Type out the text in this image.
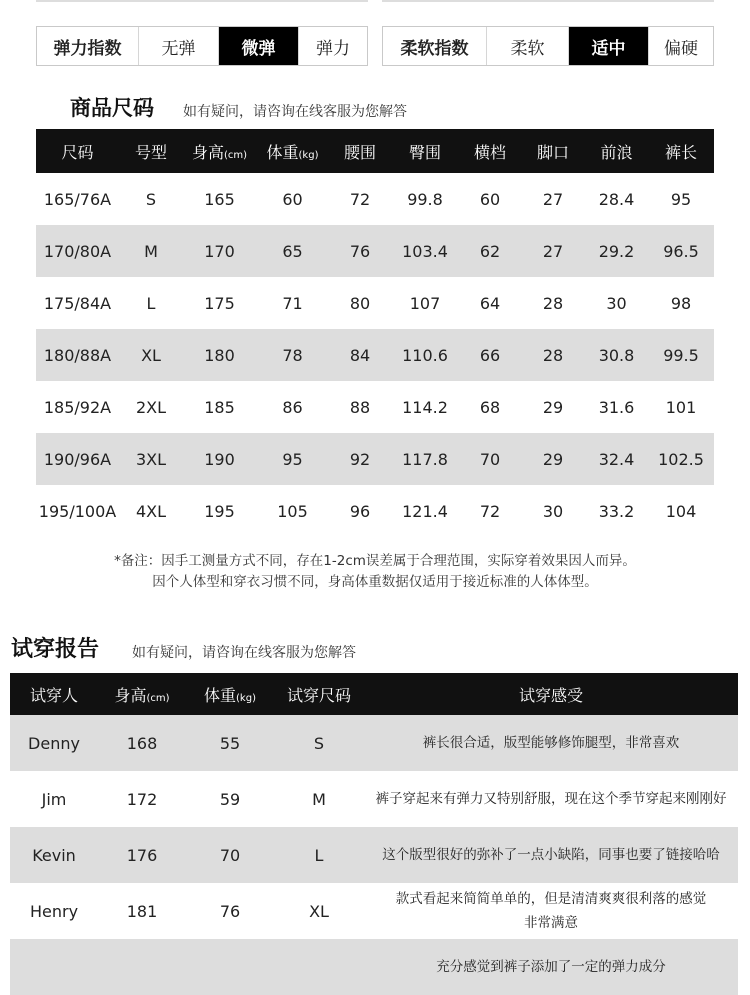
弹力指数	无弹	微弹	弹力	柔软指数	柔软	适中	偏硬
商品尺码 如有疑问，请咨询在线客服为您解答
尺码	号型	身高(cm)	体重(kg)	腰围	臀围	横档	脚口	前浪	裤长
165/76A	S	165	60	72	99.8	60	27	28.4	95
170/80A	M	170	65	76	103.4	62	27	29.2	96.5
175/84A	L	175	71	80	107	64	28	30	98
180/88A	XL	180	78	84	110.6	66	28	30.8	99.5
185/92A	2XL	185	86	88	114.2	68	29	31.6	101
190/96A	3XL	190	95	92	117.8	70	29	32.4	102.5
195/100A	4XL	195	105	96	121.4	72	30	33.2	104
*备注：因手工测量方式不同，存在1-2cm误差属于合理范围，实际穿着效果因人而异。
因个人体型和穿衣习惯不同，身高体重数据仅适用于接近标准的人体体型。
试穿报告 如有疑问，请咨询在线客服为您解答
试穿人	身高(cm)	体重(kg)	试穿尺码	试穿感受
Denny	168	55	S	裤长很合适，版型能够修饰腿型，非常喜欢

Jim	172	59	M	裤子穿起来有弹力又特别舒服，现在这个季节穿起来刚刚好

Kevin	176	70	L	这个版型很好的弥补了一点小缺陷，同事也要了链接哈哈

Henry	181	76	XL	款式看起来简简单单的，但是清清爽爽很利落的感觉
非常满意

				充分感觉到裤子添加了一定的弹力成分
